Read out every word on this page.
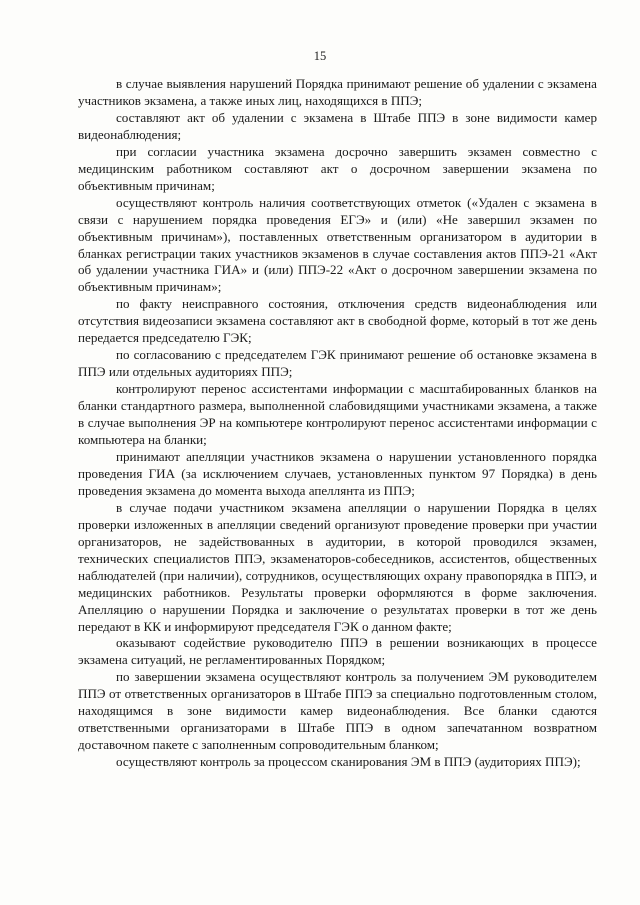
15

в случае выявления нарушений Порядка принимают решение об удалении с экзамена участников экзамена, а также иных лиц, находящихся в ППЭ;

составляют акт об удалении с экзамена в Штабе ППЭ в зоне видимости камер видеонаблюдения;

при согласии участника экзамена досрочно завершить экзамен совместно с медицинским работником составляют акт о досрочном завершении экзамена по объективным причинам;

осуществляют контроль наличия соответствующих отметок («Удален с экзамена в связи с нарушением порядка проведения ЕГЭ» и (или) «Не завершил экзамен по объективным причинам»), поставленных ответственным организатором в аудитории в бланках регистрации таких участников экзаменов в случае составления актов ППЭ-21 «Акт об удалении участника ГИА» и (или) ППЭ-22 «Акт о досрочном завершении экзамена по объективным причинам»;

по факту неисправного состояния, отключения средств видеонаблюдения или отсутствия видеозаписи экзамена составляют акт в свободной форме, который в тот же день передается председателю ГЭК;

по согласованию с председателем ГЭК принимают решение об остановке экзамена в ППЭ или отдельных аудиториях ППЭ;

контролируют перенос ассистентами информации с масштабированных бланков на бланки стандартного размера, выполненной слабовидящими участниками экзамена, а также в случае выполнения ЭР на компьютере контролируют перенос ассистентами информации с компьютера на бланки;

принимают апелляции участников экзамена о нарушении установленного порядка проведения ГИА (за исключением случаев, установленных пунктом 97 Порядка) в день проведения экзамена до момента выхода апеллянта из ППЭ;

в случае подачи участником экзамена апелляции о нарушении Порядка в целях проверки изложенных в апелляции сведений организуют проведение проверки при участии организаторов, не задействованных в аудитории, в которой проводился экзамен, технических специалистов ППЭ, экзаменаторов-собеседников, ассистентов, общественных наблюдателей (при наличии), сотрудников, осуществляющих охрану правопорядка в ППЭ, и медицинских работников. Результаты проверки оформляются в форме заключения. Апелляцию о нарушении Порядка и заключение о результатах проверки в тот же день передают в КК и информируют председателя ГЭК о данном факте;

оказывают содействие руководителю ППЭ в решении возникающих в процессе экзамена ситуаций, не регламентированных Порядком;

по завершении экзамена осуществляют контроль за получением ЭМ руководителем ППЭ от ответственных организаторов в Штабе ППЭ за специально подготовленным столом, находящимся в зоне видимости камер видеонаблюдения. Все бланки сдаются ответственными организаторами в Штабе ППЭ в одном запечатанном возвратном доставочном пакете с заполненным сопроводительным бланком;

осуществляют контроль за процессом сканирования ЭМ в ППЭ (аудиториях ППЭ);
